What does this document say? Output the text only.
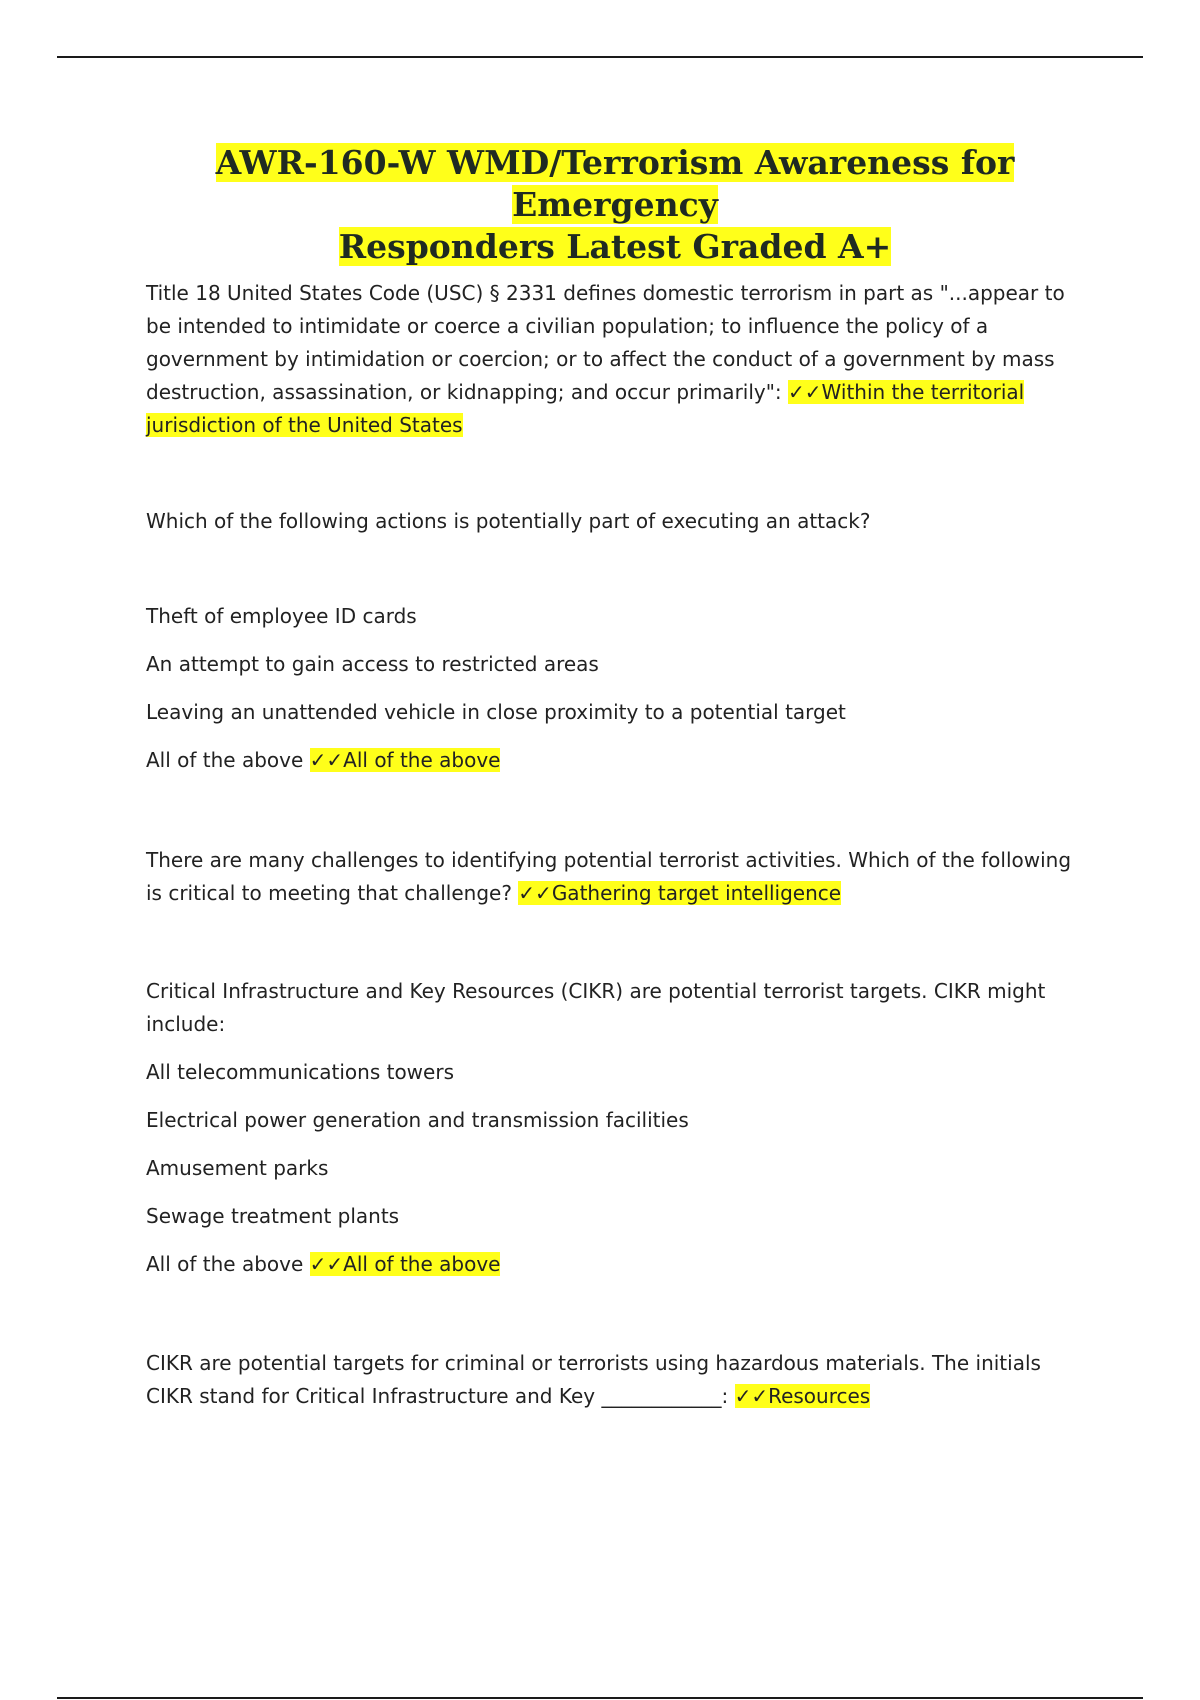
AWR-160-W WMD/Terrorism Awareness for Emergency
Responders Latest Graded A+

Title 18 United States Code (USC) § 2331 defines domestic terrorism in part as "...appear to be intended to intimidate or coerce a civilian population; to influence the policy of a government by intimidation or coercion; or to affect the conduct of a government by mass destruction, assassination, or kidnapping; and occur primarily": ✓✓Within the territorial jurisdiction of the United States

Which of the following actions is potentially part of executing an attack?

Theft of employee ID cards

An attempt to gain access to restricted areas

Leaving an unattended vehicle in close proximity to a potential target

All of the above ✓✓All of the above

There are many challenges to identifying potential terrorist activities. Which of the following is critical to meeting that challenge? ✓✓Gathering target intelligence

Critical Infrastructure and Key Resources (CIKR) are potential terrorist targets. CIKR might include:

All telecommunications towers

Electrical power generation and transmission facilities

Amusement parks

Sewage treatment plants

All of the above ✓✓All of the above

CIKR are potential targets for criminal or terrorists using hazardous materials. The initials CIKR stand for Critical Infrastructure and Key ____________: ✓✓Resources
